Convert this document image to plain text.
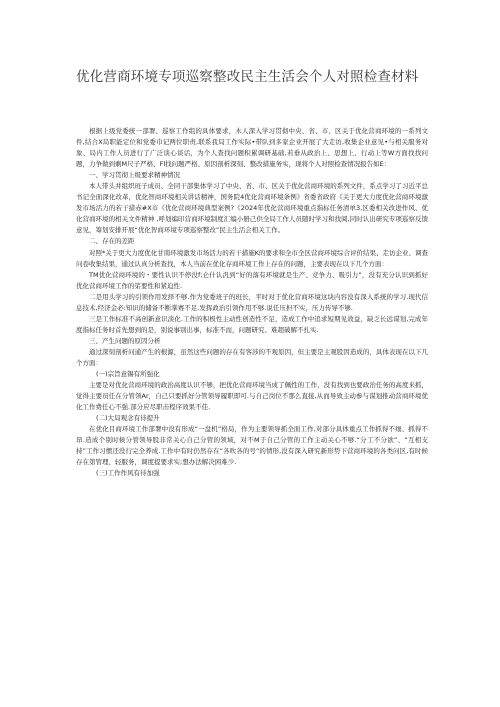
优化营商环境专项巡察整改民主生活会个人对照检查材料

根据上级党委统一部署、巡察工作组的具体要求，木人深入学习贯彻中央、省、市、区关于优化营商环境的一系列文件,结合X局职能定位和党委巾记两位职责,联系我局工作实际•带队到多家企业开展了大走访,收集企业意见•与相关服务对象、局内工作人员进行了广泛谈心谈话，为个人查找问题积累调研基础,若垂从政治上、思想上、行动上等W方面找找问题，力争做到剩M尺子严格、Fl找问题严格、原因剖析深刻、整改措施务实，现将个人对照检查情况报告如E：

一、学习贯彻上级要求精神情况

本人带头并组织班子成员、全同干部集体学习了中央、省、市、区关于优化营商环境的系列文件，系点学习了习近平总书记全面深化改革，优化智商环境相关讲话精神，国务院4优化营商环境条例》省委省政府《关于更大力度优化营商环境激发市场活力的若干措赤#X市《优化营商环境典型案例?《2024年优化营商环境重点指标任务清单3,区委相关改进作风、优化营商环境的相关文件精神 ,呼划编印营商环境制度汇编小册己供全局工作人员随时学习和找阅,同时认出研究专项巡察反馈意见，筹划安排开展“优化智商环境专项巡察整改”民主生活会相关工作。

二、存在的差距

对照*关于更大力度优化甘南环境激发市场活力的若干措施K的要求和全市全区营商环境综合评价结果、走访企业、调查问卷收集结果，通过认真分析查找，本人当前在优化存商环境工作上存在的问题，主要表现在以下几个方面：

TM优化营商环境的・要性认识不停没f;仑什认汎到“好的落有环境就是生产、竞争力、吸引力”，没有充分认识到抓好优化营商环境工作的笫要性和紧迫性.

二是用头学习的引领作用发择不够.作为党委班子的班长，平时对于优化营商环境这块内容没有深入系统的学习.现代信息技术,经济金必:知识的储备不断掌赛不足.发挥政治引领作用不够.说任压担不实，压力传导不够.

三是工作标准不高创新意识淡化.工作的积极性主动性创造性不足，造成工作中追求短期见效益，缺乏长远谋划,完成年度指标任务时首先想到的是，别说事别出事，标准不而，问题研究、难超破解不扎实.

三、产生问题的原因分析

通过深刻剖析问通产生的根源，虽然这些问题的存在有客涉的不观原因，但主要是主观股因造成的，具体表现在以下几个方面：

(一)宗旨意锡有所强化

主要是对优化营商环境的政治高度认识不够，把优化营商环境当成了佩性的工作，没有找到也要政治任务的高度来抓，觉得主要员任在分管领Ar，自己只要抓好分管领导履职即可.与自己岗位不那么直接,从而导致主动参与谋划推动营商环境优化工作费任心不强.部分应尽职击程序效果不佳.

(二)大局观念有待提升

在优化目商环境工作部署中没有形成“一盘机”格局，作为主要领导抓全面工作,对部分具体重点工作抓得不细、抓得不昂.造成个别时候分管领导股非常关心自己分管的领域，对不M于自己分管的工作主动关心不够.“分工不分欲”、“互相支持”工作习惯还没行完全养成.工作中有时仍然存在“各吹各的号”的情形,没有深入研究新形势下营商环境的各类问区,有时候存在第管理、轻服务，调度提要求实;想办法解决困难少.

(三)工作作风有待加强
